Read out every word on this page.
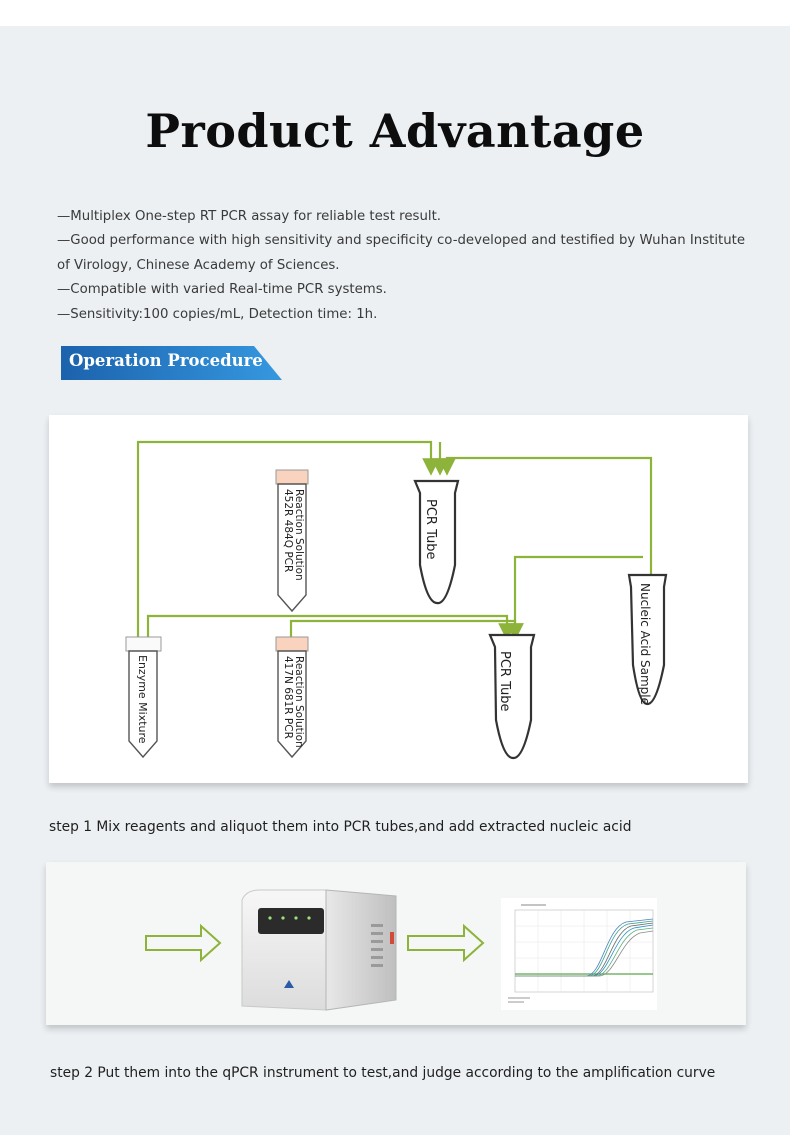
Product Advantage
—Multiplex One-step RT PCR assay for reliable test result.
—Good performance with high sensitivity and specificity co-developed and testified by Wuhan Institute of Virology, Chinese Academy of Sciences.
—Compatible with varied Real-time PCR systems.
—Sensitivity:100 copies/mL, Detection time: 1h.
Operation Procedure
452R 484Q PCR Reaction Solution	PCR Tube
Nucleic Acid Sample
Enzyme Mixture	417N 681R PCR Reaction Solution	PCR Tube
step 1 Mix reagents and aliquot them into PCR tubes,and add extracted nucleic acid
step 2 Put them into the qPCR instrument to test,and judge according to the amplification curve
